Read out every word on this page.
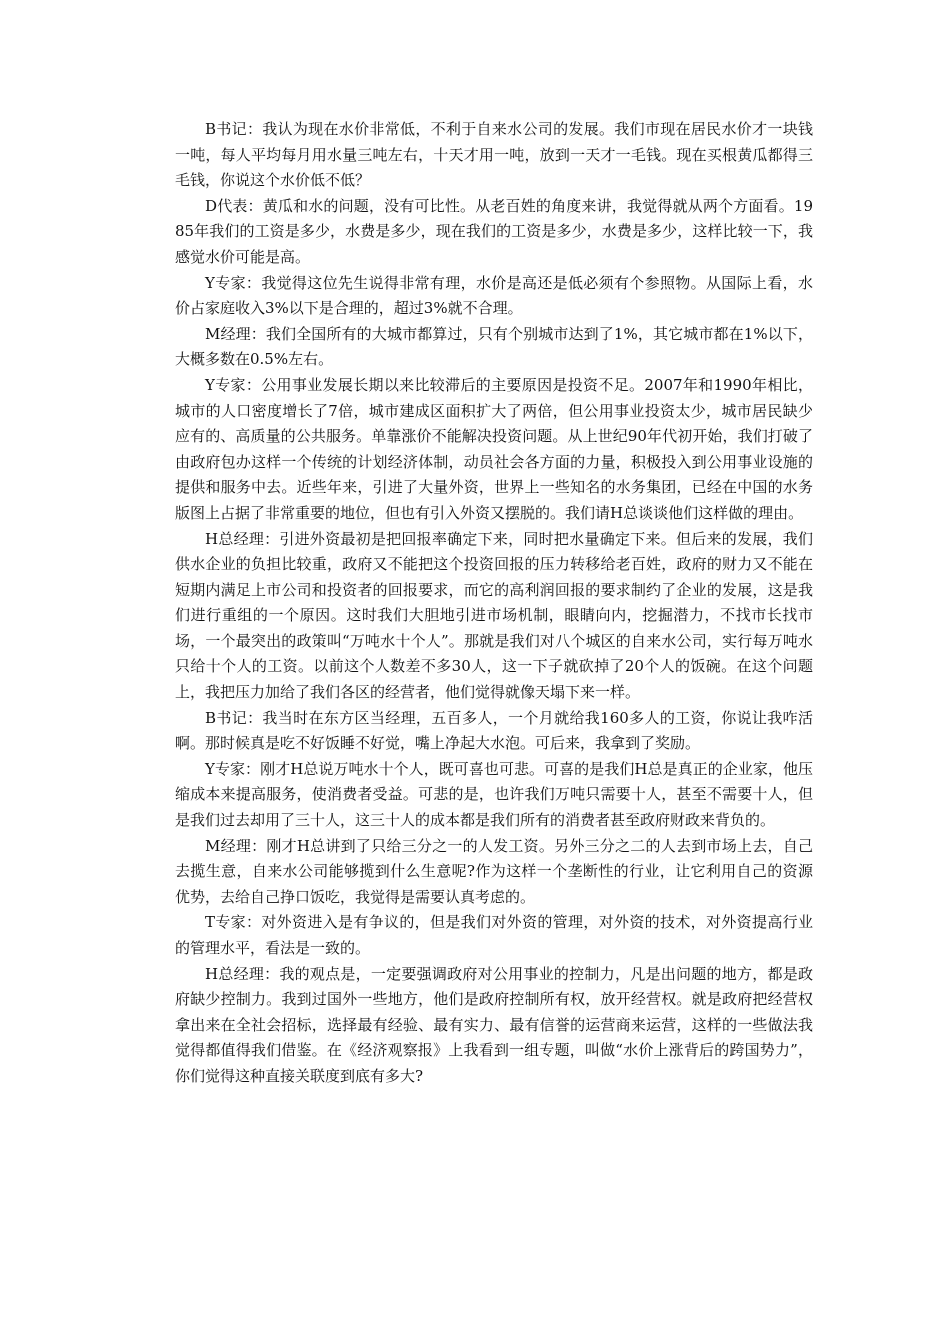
B书记：我认为现在水价非常低，不利于自来水公司的发展。我们市现在居民水价才一块钱一吨，每人平均每月用水量三吨左右，十天才用一吨，放到一天才一毛钱。现在买根黄瓜都得三毛钱，你说这个水价低不低？

D代表：黄瓜和水的问题，没有可比性。从老百姓的角度来讲，我觉得就从两个方面看。1985年我们的工资是多少，水费是多少，现在我们的工资是多少，水费是多少，这样比较一下，我感觉水价可能是高。

Y专家：我觉得这位先生说得非常有理，水价是高还是低必须有个参照物。从国际上看，水价占家庭收入3%以下是合理的，超过3%就不合理。

M经理：我们全国所有的大城市都算过，只有个别城市达到了1%，其它城市都在1%以下，大概多数在0.5%左右。

Y专家：公用事业发展长期以来比较滞后的主要原因是投资不足。2007年和1990年相比，城市的人口密度增长了7倍，城市建成区面积扩大了两倍，但公用事业投资太少，城市居民缺少应有的、高质量的公共服务。单靠涨价不能解决投资问题。从上世纪90年代初开始，我们打破了由政府包办这样一个传统的计划经济体制，动员社会各方面的力量，积极投入到公用事业设施的提供和服务中去。近些年来，引进了大量外资，世界上一些知名的水务集团，已经在中国的水务版图上占据了非常重要的地位，但也有引入外资又摆脱的。我们请H总谈谈他们这样做的理由。

H总经理：引进外资最初是把回报率确定下来，同时把水量确定下来。但后来的发展，我们供水企业的负担比较重，政府又不能把这个投资回报的压力转移给老百姓，政府的财力又不能在短期内满足上市公司和投资者的回报要求，而它的高利润回报的要求制约了企业的发展，这是我们进行重组的一个原因。这时我们大胆地引进市场机制，眼睛向内，挖掘潜力，不找市长找市场，一个最突出的政策叫“万吨水十个人”。那就是我们对八个城区的自来水公司，实行每万吨水只给十个人的工资。以前这个人数差不多30人，这一下子就砍掉了20个人的饭碗。在这个问题上，我把压力加给了我们各区的经营者，他们觉得就像天塌下来一样。

B书记：我当时在东方区当经理，五百多人，一个月就给我160多人的工资，你说让我咋活啊。那时候真是吃不好饭睡不好觉，嘴上净起大水泡。可后来，我拿到了奖励。

Y专家：刚才H总说万吨水十个人，既可喜也可悲。可喜的是我们H总是真正的企业家，他压缩成本来提高服务，使消费者受益。可悲的是，也许我们万吨只需要十人，甚至不需要十人，但是我们过去却用了三十人，这三十人的成本都是我们所有的消费者甚至政府财政来背负的。

M经理：刚才H总讲到了只给三分之一的人发工资。另外三分之二的人去到市场上去，自己去揽生意，自来水公司能够揽到什么生意呢?作为这样一个垄断性的行业，让它利用自己的资源优势，去给自己挣口饭吃，我觉得是需要认真考虑的。

T专家：对外资进入是有争议的，但是我们对外资的管理，对外资的技术，对外资提高行业的管理水平，看法是一致的。

H总经理：我的观点是，一定要强调政府对公用事业的控制力，凡是出问题的地方，都是政府缺少控制力。我到过国外一些地方，他们是政府控制所有权，放开经营权。就是政府把经营权拿出来在全社会招标，选择最有经验、最有实力、最有信誉的运营商来运营，这样的一些做法我觉得都值得我们借鉴。在《经济观察报》上我看到一组专题，叫做“水价上涨背后的跨国势力”，你们觉得这种直接关联度到底有多大?
